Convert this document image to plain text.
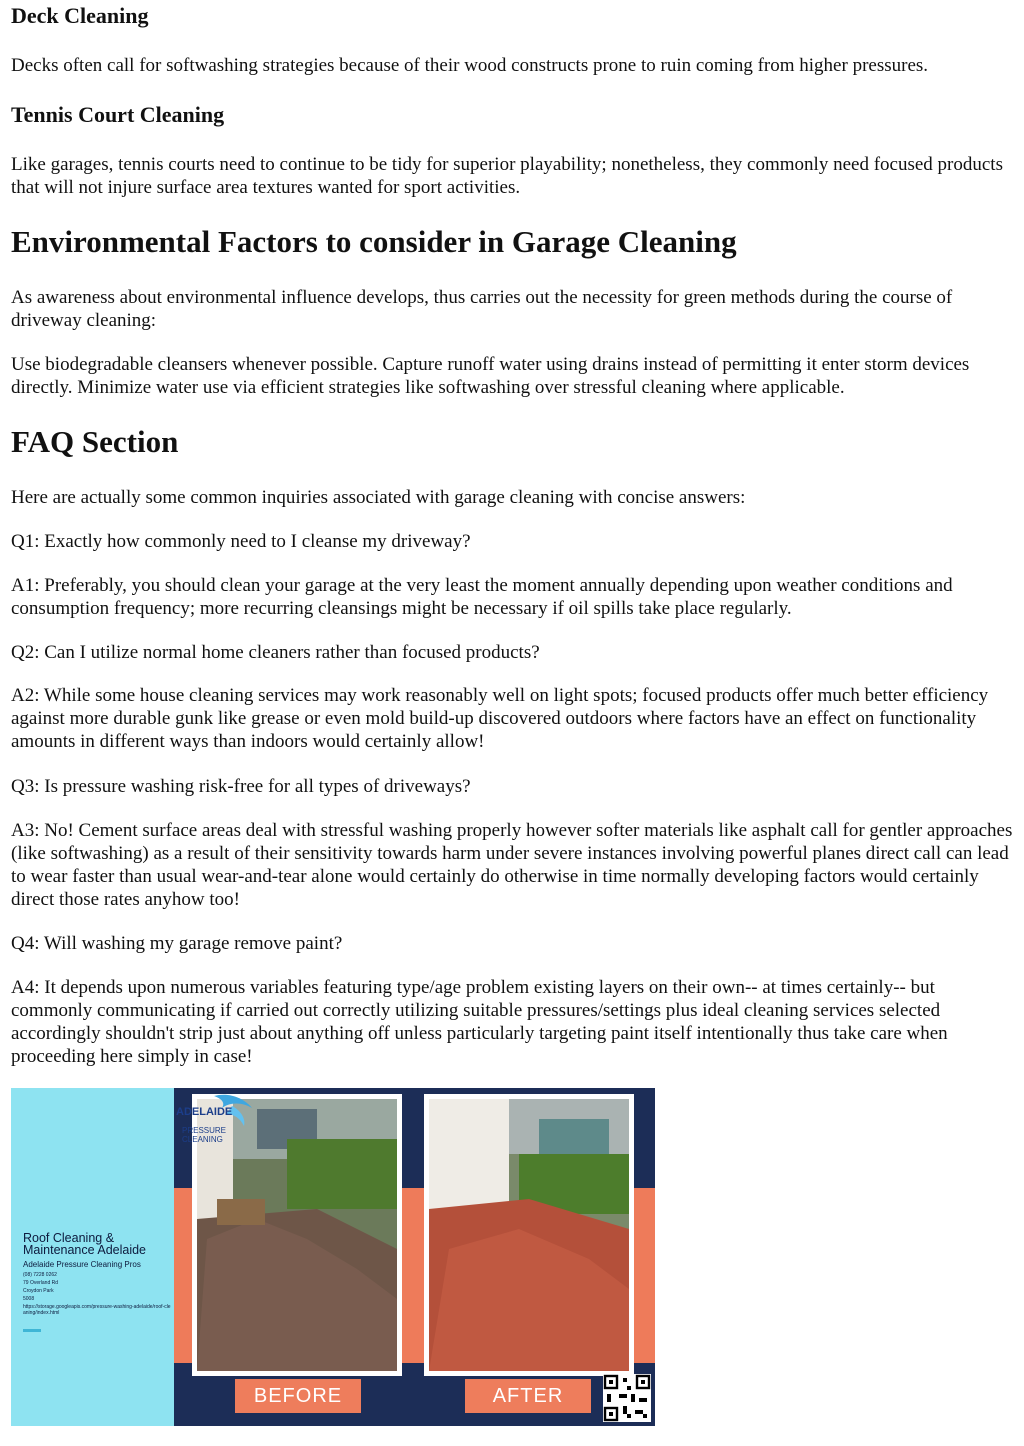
Deck Cleaning

Decks often call for softwashing strategies because of their wood constructs prone to ruin coming from higher pressures.

Tennis Court Cleaning

Like garages, tennis courts need to continue to be tidy for superior playability; nonetheless, they commonly need focused products that will not injure surface area textures wanted for sport activities.

Environmental Factors to consider in Garage Cleaning

As awareness about environmental influence develops, thus carries out the necessity for green methods during the course of driveway cleaning:

Use biodegradable cleansers whenever possible. Capture runoff water using drains instead of permitting it enter storm devices directly. Minimize water use via efficient strategies like softwashing over stressful cleaning where applicable.

FAQ Section

Here are actually some common inquiries associated with garage cleaning with concise answers:

Q1: Exactly how commonly need to I cleanse my driveway?

A1: Preferably, you should clean your garage at the very least the moment annually depending upon weather conditions and consumption frequency; more recurring cleansings might be necessary if oil spills take place regularly.

Q2: Can I utilize normal home cleaners rather than focused products?

A2: While some house cleaning services may work reasonably well on light spots; focused products offer much better efficiency against more durable gunk like grease or even mold build-up discovered outdoors where factors have an effect on functionality amounts in different ways than indoors would certainly allow!

Q3: Is pressure washing risk-free for all types of driveways?

A3: No! Cement surface areas deal with stressful washing properly however softer materials like asphalt call for gentler approaches (like softwashing) as a result of their sensitivity towards harm under severe instances involving powerful planes direct call can lead to wear faster than usual wear-and-tear alone would certainly do otherwise in time normally developing factors would certainly direct those rates anyhow too!

Q4: Will washing my garage remove paint?

A4: It depends upon numerous variables featuring type/age problem existing layers on their own-- at times certainly-- but commonly communicating if carried out correctly utilizing suitable pressures/settings plus ideal cleaning services selected accordingly shouldn't strip just about anything off unless particularly targeting paint itself intentionally thus take care when proceeding here simply in case!

Roof Cleaning & Maintenance Adelaide
Adelaide Pressure Cleaning Pros
(08) 7228 0262
79 Overland Rd
Croydon Park
5008
https://storage.googleapis.com/pressure-washing-adelaide/roof-cleaning/index.html
BEFORE	AFTER
ADELAIDE
PRESSURE CLEANING
